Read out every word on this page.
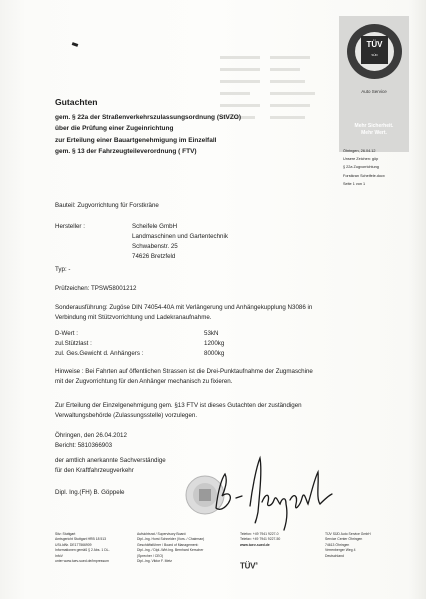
TÜV
SÜD
Auto Service
Mehr Sicherheit.
Mehr Wert.
Öhringen, 26.04.12
Unsere Zeichen: göp
§ 22a Zugvorrichtung
Forstkran Scheifele.docx
Seite 1 von 1
Gutachten
gem. § 22a der Straßenverkehrszulassungsordnung (StVZO)
über die Prüfung einer Zugeinrichtung
zur Erteilung einer Bauartgenehmigung im Einzelfall
gem. § 13 der Fahrzeugteileverordnung ( FTV)
Bauteil: Zugvorrichtung für Forstkräne
Hersteller :	Scheifele GmbH
Landmaschinen und Gartentechnik
Schwabenstr. 25
74626 Bretzfeld
Typ: -
Prüfzeichen: TPSW58001212
Sonderausführung: Zugöse DIN 74054-40A mit Verlängerung und Anhängekupplung N3086 in
Verbindung mit Stützvorrichtung und Ladekranaufnahme.
D-Wert :	53kN
zul.Stützlast :	1200kg
zul. Ges.Gewicht d. Anhängers :	8000kg
Hinweise : Bei Fahrten auf öffentlichen Strassen ist die Drei-Punktaufnahme der Zugmaschine
mit der Zugvorrichtung für den Anhänger mechanisch zu fixieren.
Zur Erteilung der Einzelgenehmigung gem. §13 FTV ist dieses Gutachten der zuständigen
Verwaltungsbehörde (Zulassungsstelle) vorzulegen.
Öhringen, den 26.04.2012
Bericht: 5810366903
der amtlich anerkannte Sachverständige
für den Kraftfahrzeugverkehr
Dipl. Ing.(FH) B. Göppele
Sitz: Stuttgart
Amtsgericht Stuttgart HRB 18 513
USt-IdNr. DE177566909
Informationen gemäß § 2 Abs. 1 DL-
InfoV
unter www.tuev-sued.de/impressum
Aufsichtsrat / Supervisory Board:
Dipl.-Ing. Horst Schneider (Vors. / Chairman)
Geschäftsführer / Board of Management:
Dipl.-Ing. / Dipl.-Wirt.Ing. Bernhard Kerscher
(Sprecher / CEO)
Dipl.-Ing. Viktor F. Metz
Telefon: +49 7941 9227-0
Telefax: +49 7941 9227-50
www.tuev-sued.de
TÜV®
TÜV SÜD Auto Service GmbH
Service Center Öhringen
74613 Öhringen
Verrenberger Weg 4
Deutschland
